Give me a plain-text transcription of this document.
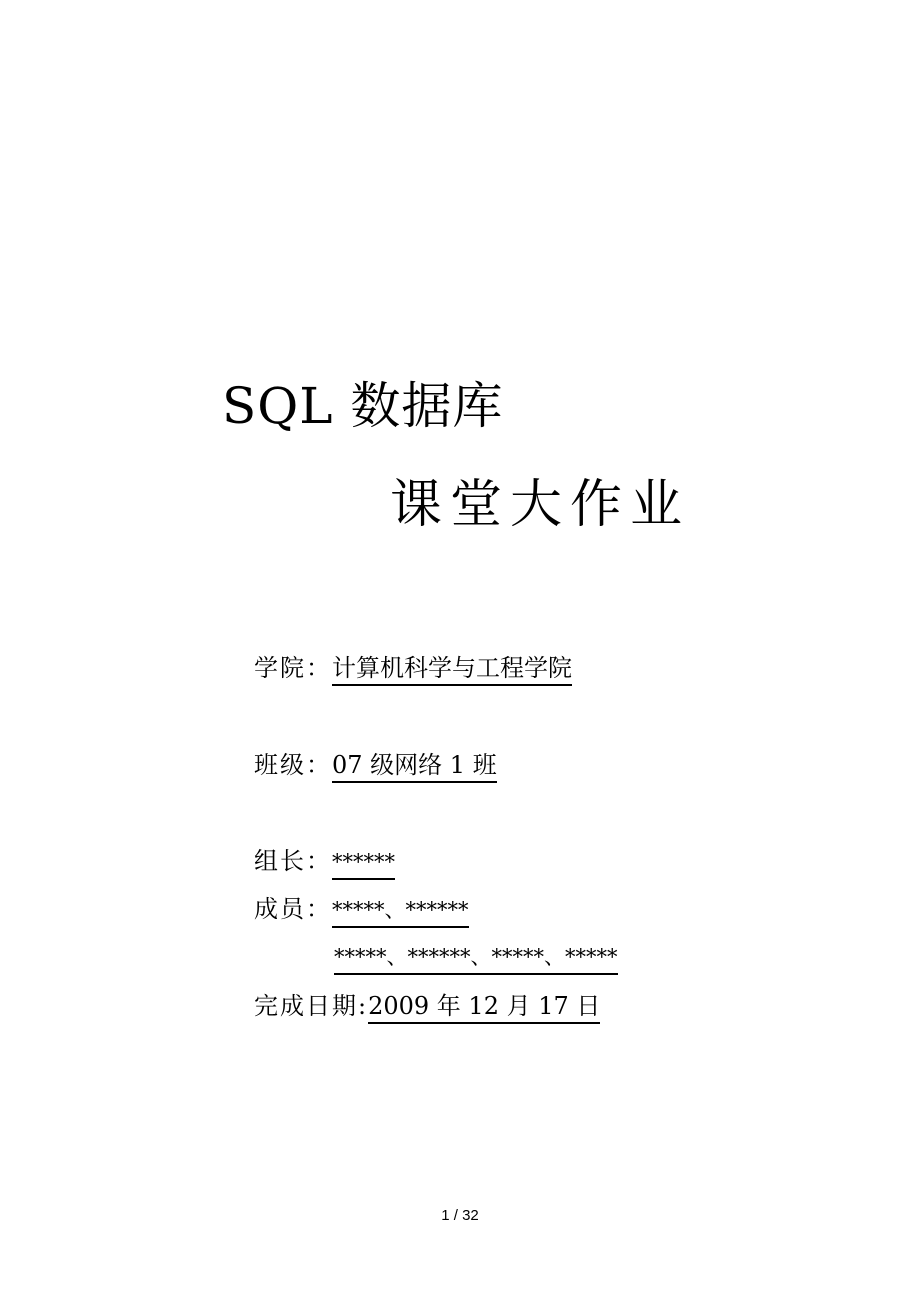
SQL 数据库
课堂大作业
学院：计算机科学与工程学院
班级：07 级网络 1 班
组长：******
成员：*****、******
*****、******、*****、*****
完成日期:2009 年 12 月 17 日
1 / 32
